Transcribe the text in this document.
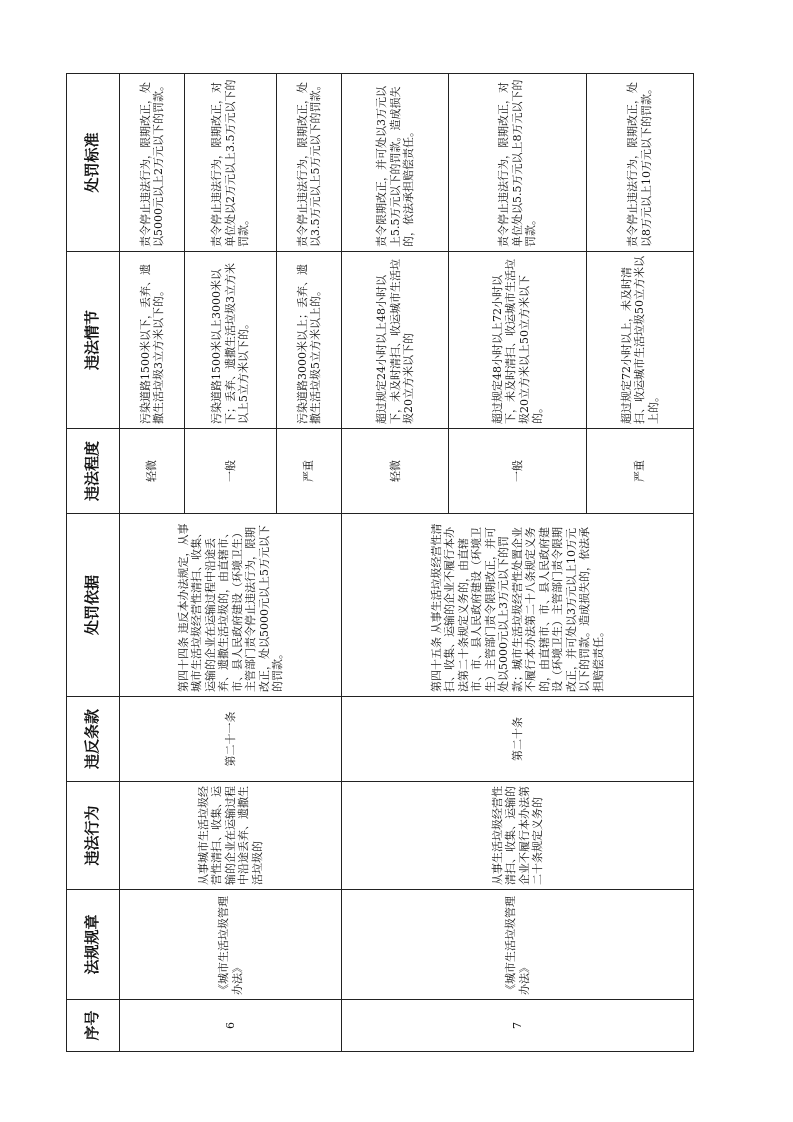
序号	法规规章	违法行为	违反条款	处罚依据	违法程度	违法情节	处罚标准
6	《城市生活垃圾管理办法》	从事城市生活垃圾经营性清扫、收集、运输的企业在运输过程中沿途丢弃、遗撒生活垃圾的	第二十一条	第四十四条 违反本办法规定，从事城市生活垃圾经营性清扫、收集、运输的企业在运输过程中沿途丢弃、遗撒生活垃圾的，由直辖市、市、县人民政府建设（环境卫生）主管部门责令停止违法行为，限期改正，处以5000元以上5万元以下的罚款。	轻微	污染道路1500米以下，丢弃、遗撒生活垃圾3立方米以下的。	责令停止违法行为，限期改正，处以5000元以上2万元以下的罚款。
					一般	污染道路1500米以上3000米以下；丢弃、遗撒生活垃圾3立方米以上5立方米以下的。	责令停止违法行为，限期改正，对单位处以2万元以上3.5万元以下的罚款。
					严重	污染道路3000米以上；丢弃、遗撒生活垃圾5立方米以上的。	责令停止违法行为，限期改正，处以3.5万元以上5万元以下的罚款。
7	《城市生活垃圾管理办法》	从事生活垃圾经营性清扫、收集、运输的企业不履行本办法第二十条规定义务的	第二十条	第四十五条 从事生活垃圾经营性清扫、收集、运输的企业不履行本办法第二十条规定义务的，由直辖市、市、县人民政府建设（环境卫生）主管部门责令限期改正，并可处以5000元以上3万元以下的罚款；城市生活垃圾经营性处置企业不履行本办法第二十八条规定义务的，由直辖市、市、县人民政府建设（环境卫生）主管部门责令限期改正，并可处以3万元以上10万元以下的罚款。造成损失的，依法承担赔偿责任。	轻微	超过规定24小时以上48小时以下，未及时清扫、收运城市生活垃圾20立方米以下的	责令限期改正，并可处以3万元以上5.5万元以下的罚款。造成损失的，依法承担赔偿责任。
					一般	超过规定48小时以上72小时以下，未及时清扫、收运城市生活垃圾20立方米以上50立方米以下的。	责令停止违法行为，限期改正，对单位处以5.5万元以上8万元以下的罚款。
					严重	超过规定72小时以上，未及时清扫、收运城市生活垃圾50立方米以上的。	责令停止违法行为，限期改正，处以8万元以上10万元以下的罚款。
